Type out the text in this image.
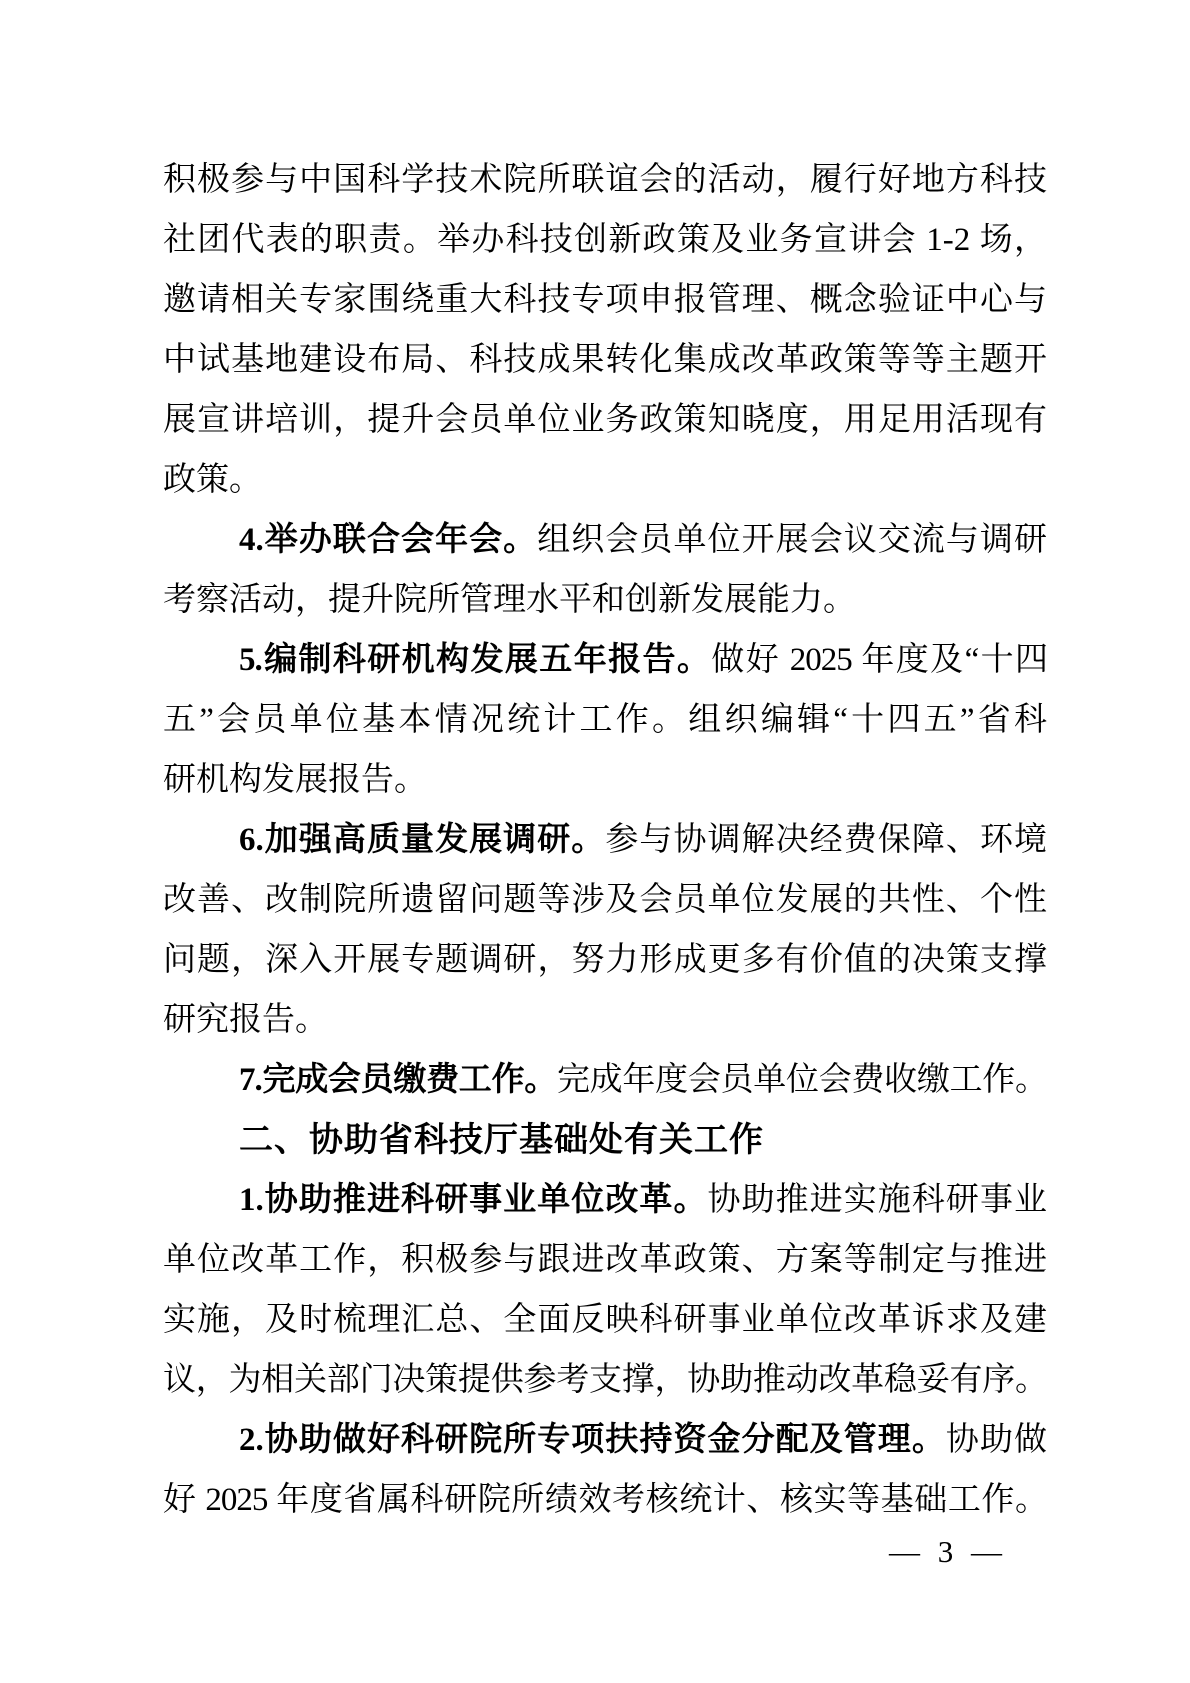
积极参与中国科学技术院所联谊会的活动，履行好地方科技
社团代表的职责。举办科技创新政策及业务宣讲会 1-2 场，
邀请相关专家围绕重大科技专项申报管理、概念验证中心与
中试基地建设布局、科技成果转化集成改革政策等等主题开
展宣讲培训，提升会员单位业务政策知晓度，用足用活现有
政策。
4.举办联合会年会。组织会员单位开展会议交流与调研
考察活动，提升院所管理水平和创新发展能力。
5.编制科研机构发展五年报告。做好 2025 年度及“十四
五”会员单位基本情况统计工作。组织编辑“十四五”省科
研机构发展报告。
6.加强高质量发展调研。参与协调解决经费保障、环境
改善、改制院所遗留问题等涉及会员单位发展的共性、个性
问题，深入开展专题调研，努力形成更多有价值的决策支撑
研究报告。
7.完成会员缴费工作。完成年度会员单位会费收缴工作。
二、协助省科技厅基础处有关工作
1.协助推进科研事业单位改革。协助推进实施科研事业
单位改革工作，积极参与跟进改革政策、方案等制定与推进
实施，及时梳理汇总、全面反映科研事业单位改革诉求及建
议，为相关部门决策提供参考支撑，协助推动改革稳妥有序。
2.协助做好科研院所专项扶持资金分配及管理。协助做
好 2025 年度省属科研院所绩效考核统计、核实等基础工作。
— 3 —
